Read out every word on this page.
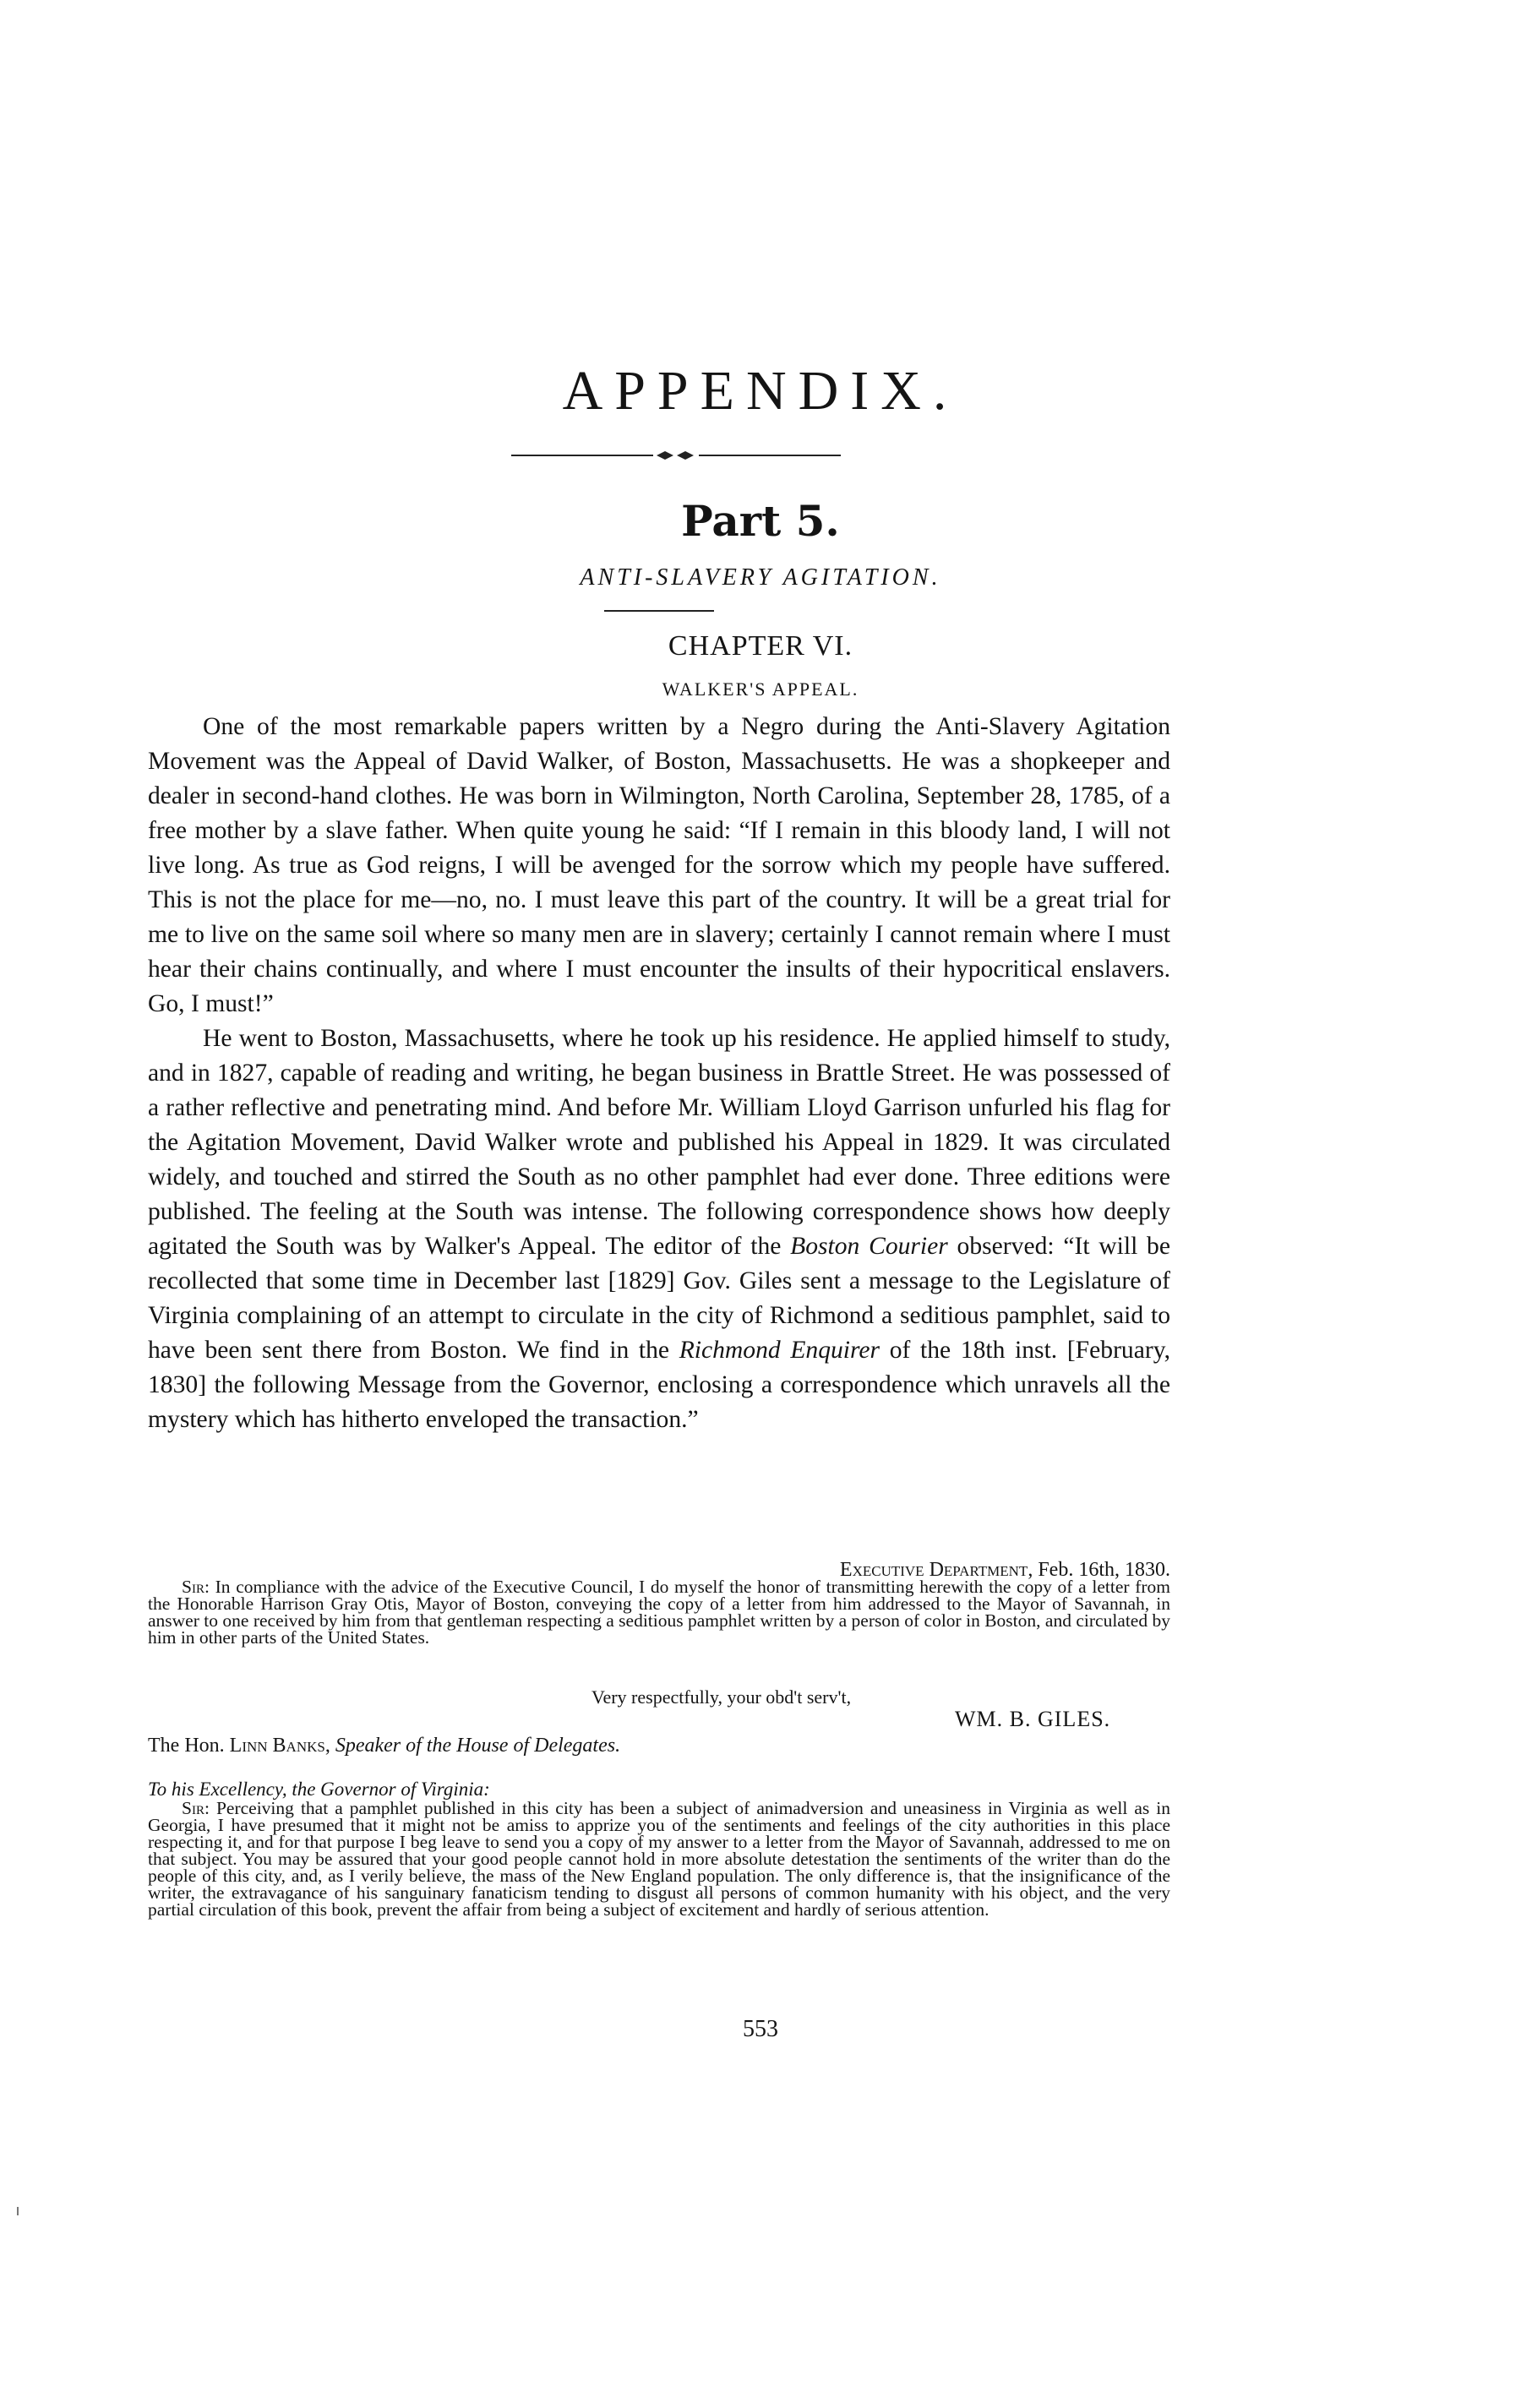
APPENDIX.
Part 5.
ANTI-SLAVERY AGITATION.
CHAPTER VI.
WALKER'S APPEAL.

One of the most remarkable papers written by a Negro during the Anti-Slavery Agitation Movement was the Appeal of David Walker, of Boston, Massachusetts. He was a shopkeeper and dealer in second-hand clothes. He was born in Wilmington, North Carolina, September 28, 1785, of a free mother by a slave father. When quite young he said: “If I remain in this bloody land, I will not live long. As true as God reigns, I will be avenged for the sorrow which my people have suffered. This is not the place for me—no, no. I must leave this part of the country. It will be a great trial for me to live on the same soil where so many men are in slavery; certainly I cannot remain where I must hear their chains continually, and where I must encounter the insults of their hypocritical enslavers. Go, I must!”

He went to Boston, Massachusetts, where he took up his residence. He applied himself to study, and in 1827, capable of reading and writing, he began business in Brattle Street. He was possessed of a rather reflective and penetrating mind. And before Mr. William Lloyd Garrison unfurled his flag for the Agitation Movement, David Walker wrote and published his Appeal in 1829. It was circulated widely, and touched and stirred the South as no other pamphlet had ever done. Three editions were published. The feeling at the South was intense. The following correspondence shows how deeply agitated the South was by Walker's Appeal. The editor of the Boston Courier observed: “It will be recollected that some time in December last [1829] Gov. Giles sent a message to the Legislature of Virginia complaining of an attempt to circulate in the city of Richmond a seditious pamphlet, said to have been sent there from Boston. We find in the Richmond Enquirer of the 18th inst. [February, 1830] the following Message from the Governor, enclosing a correspondence which unravels all the mystery which has hitherto enveloped the transaction.”

Executive Department, Feb. 16th, 1830.

Sir: In compliance with the advice of the Executive Council, I do myself the honor of transmitting herewith the copy of a letter from the Honorable Harrison Gray Otis, Mayor of Boston, conveying the copy of a letter from him addressed to the Mayor of Savannah, in answer to one received by him from that gentleman respecting a seditious pamphlet written by a person of color in Boston, and circulated by him in other parts of the United States.

Very respectfully, your obd't serv't,
WM. B. GILES.
The Hon. Linn Banks, Speaker of the House of Delegates.
To his Excellency, the Governor of Virginia:

Sir: Perceiving that a pamphlet published in this city has been a subject of animadversion and uneasiness in Virginia as well as in Georgia, I have presumed that it might not be amiss to apprize you of the sentiments and feelings of the city authorities in this place respecting it, and for that purpose I beg leave to send you a copy of my answer to a letter from the Mayor of Savannah, addressed to me on that subject. You may be assured that your good people cannot hold in more absolute detestation the sentiments of the writer than do the people of this city, and, as I verily believe, the mass of the New England population. The only difference is, that the insignificance of the writer, the extravagance of his sanguinary fanaticism tending to disgust all persons of common humanity with his object, and the very partial circulation of this book, prevent the affair from being a subject of excitement and hardly of serious attention.

553
